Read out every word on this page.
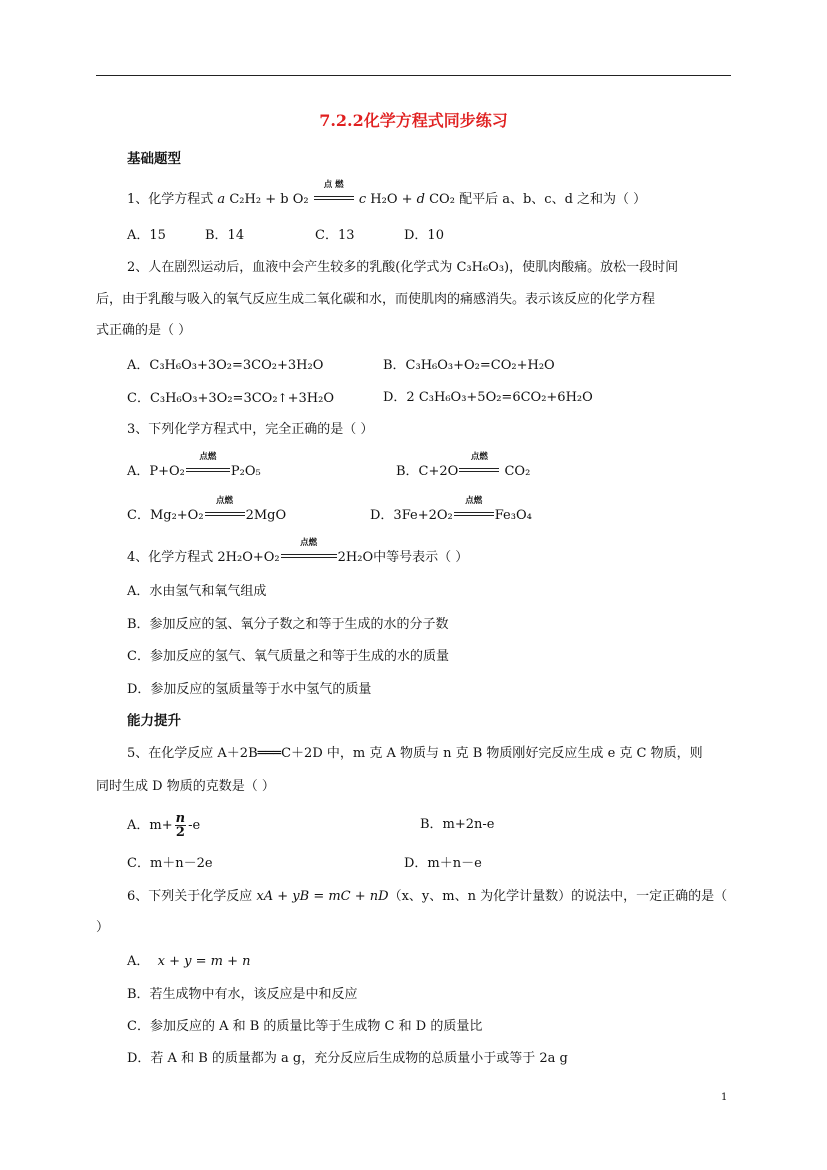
7.2.2化学方程式同步练习
基础题型
1、化学方程式 a C₂H₂ + b O₂
点 燃
c H₂O + d CO₂ 配平后 a、b、c、d 之和为（ ）
A．15	B．14	C．13	D．10
2、人在剧烈运动后，血液中会产生较多的乳酸(化学式为 C₃H₆O₃)，使肌肉酸痛。放松一段时间
后，由于乳酸与吸入的氧气反应生成二氧化碳和水，而使肌肉的痛感消失。表示该反应的化学方程
式正确的是（ ）
A．C₃H₆O₃+3O₂=3CO₂+3H₂O	B．C₃H₆O₃+O₂=CO₂+H₂O
C．C₃H₆O₃+3O₂=3CO₂↑+3H₂O	D．2 C₃H₆O₃+5O₂=6CO₂+6H₂O
3、下列化学方程式中，完全正确的是（ ）
A．P+O₂
点燃
P₂O₅	B．C+2O
点燃
CO₂
C．Mg₂+O₂
点燃
2MgO	D．3Fe+2O₂
点燃
Fe₃O₄
4、化学方程式 2H₂O+O₂
点燃
2H₂O中等号表示（ ）
A．水由氢气和氧气组成
B．参加反应的氢、氧分子数之和等于生成的水的分子数
C．参加反应的氢气、氧气质量之和等于生成的水的质量
D．参加反应的氢质量等于水中氢气的质量
能力提升
5、在化学反应 A＋2B═══C＋2D 中，m 克 A 物质与 n 克 B 物质刚好完反应生成 e 克 C 物质，则
同时生成 D 物质的克数是（ ）
A．$m+ \frac{n}{2} -e$	B．m+2n-e
C．m＋n－2e	D．m＋n－e
6、下列关于化学反应 xA + yB = mC + nD（x、y、m、n 为化学计量数）的说法中，一定正确的是（
）
A． x + y = m + n
B．若生成物中有水，该反应是中和反应
C．参加反应的 A 和 B 的质量比等于生成物 C 和 D 的质量比
D．若 A 和 B 的质量都为 a g，充分反应后生成物的总质量小于或等于 2a g
1
